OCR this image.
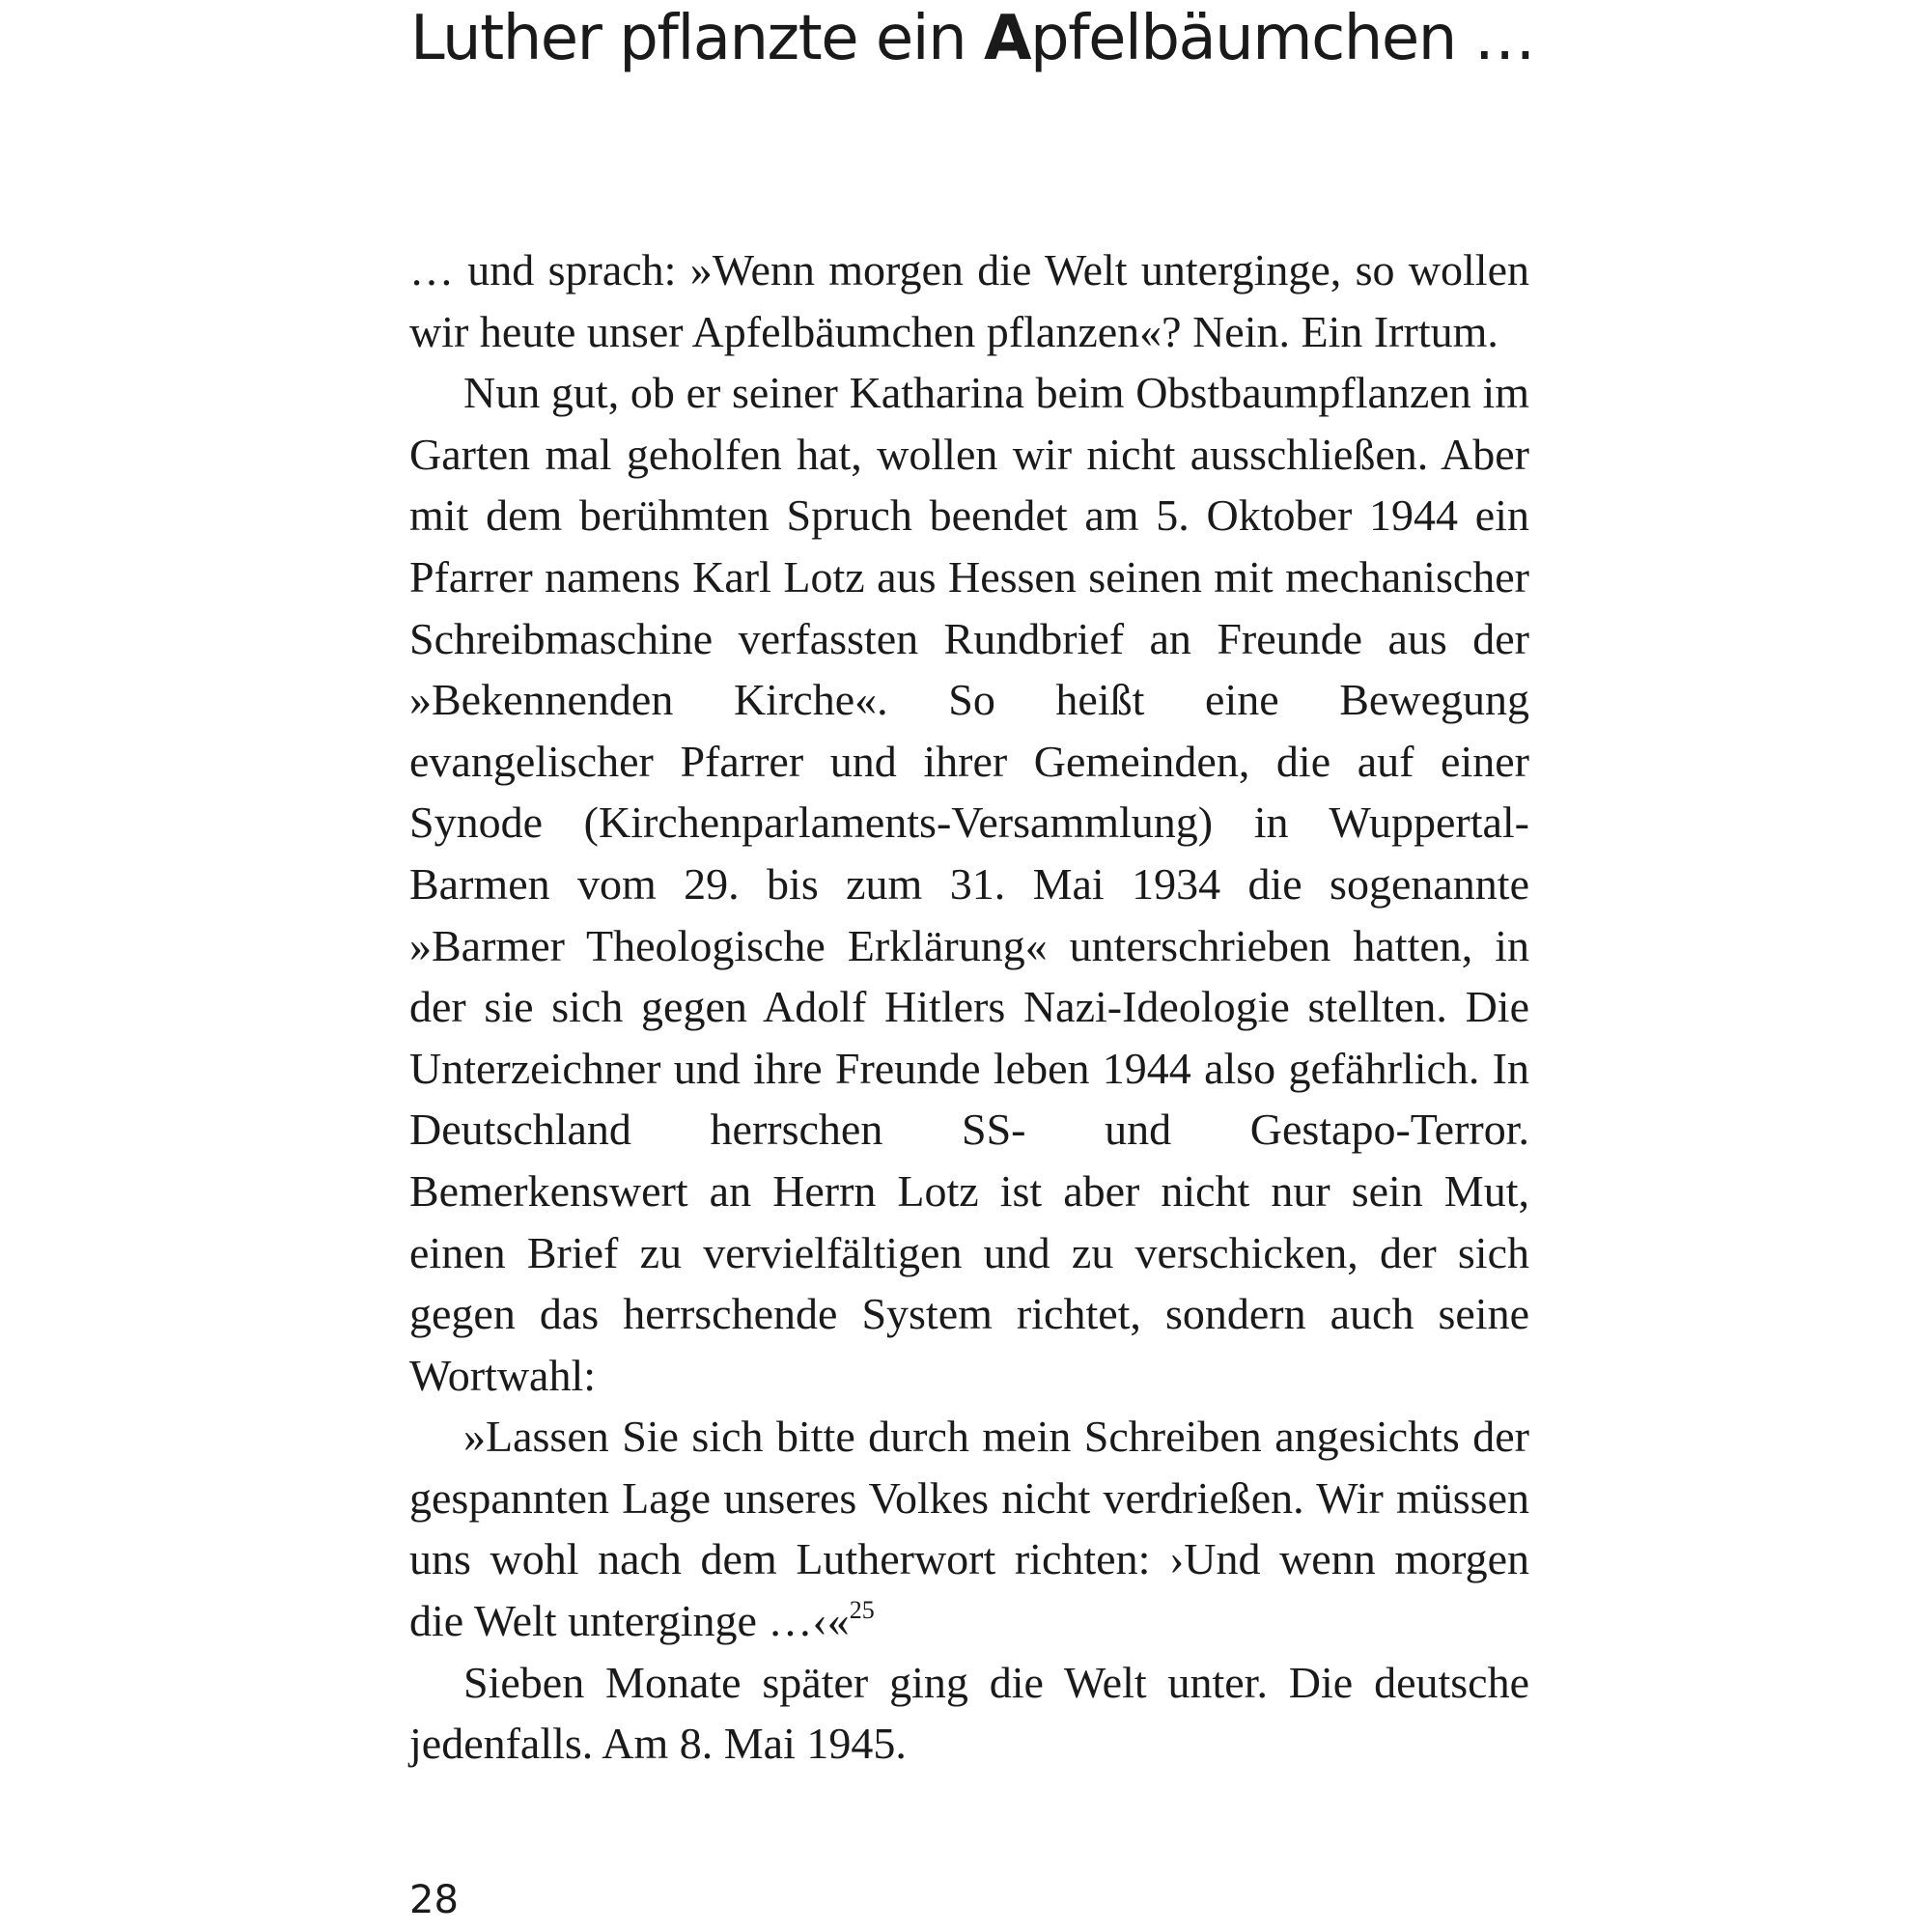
Luther pflanzte ein Apfelbäumchen …

… und sprach: »Wenn morgen die Welt unterginge, so wollen wir heute unser Apfelbäumchen pflanzen«? Nein. Ein Irrtum.

Nun gut, ob er seiner Katharina beim Obstbaumpflanzen im Garten mal geholfen hat, wollen wir nicht ausschließen. Aber mit dem berühmten Spruch beendet am 5. Oktober 1944 ein Pfarrer namens Karl Lotz aus Hessen seinen mit mechanischer Schreibmaschine verfassten Rundbrief an Freunde aus der »Bekennenden Kirche«. So heißt eine Bewegung evangelischer Pfarrer und ihrer Gemeinden, die auf einer Synode (Kirchenparlaments-Versammlung) in Wuppertal-Barmen vom 29. bis zum 31. Mai 1934 die sogenannte »Barmer Theologische Erklärung« unterschrieben hatten, in der sie sich gegen Adolf Hitlers Nazi-Ideologie stellten. Die Unterzeichner und ihre Freunde leben 1944 also gefährlich. In Deutschland herrschen SS- und Gestapo-Terror. Bemerkenswert an Herrn Lotz ist aber nicht nur sein Mut, einen Brief zu vervielfältigen und zu verschicken, der sich gegen das herrschende System richtet, sondern auch seine Wortwahl:

»Lassen Sie sich bitte durch mein Schreiben angesichts der gespannten Lage unseres Volkes nicht verdrießen. Wir müssen uns wohl nach dem Lutherwort richten: ›Und wenn morgen die Welt unterginge …‹«$^{25}$

Sieben Monate später ging die Welt unter. Die deutsche jedenfalls. Am 8. Mai 1945.

28
